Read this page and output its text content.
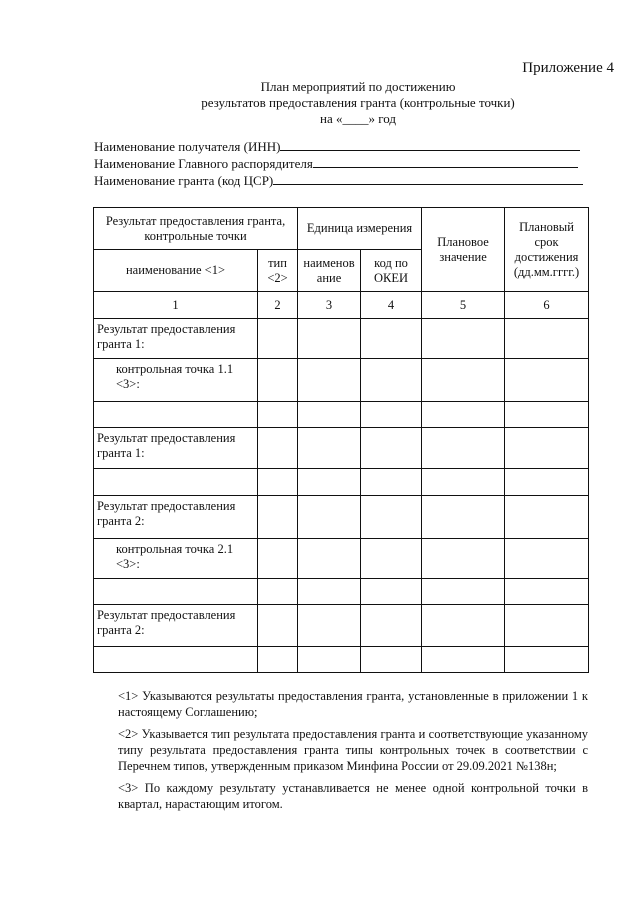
Приложение 4
План мероприятий по достижению
результатов предоставления гранта (контрольные точки)
на «____» год
Наименование получателя (ИНН)
Наименование Главного распорядителя
Наименование гранта (код ЦСР)
Результат предоставления гранта, контрольные точки		Единица измерения		Плановое значение	Плановый срок достижения (дд.мм.гггг.)
наименование <1>	тип <2>	наименов ание	код по ОКЕИ		
1	2	3	4	5	6
Результат предоставления гранта 1:					
контрольная точка 1.1 <3>:					

Результат предоставления гранта 1:					

Результат предоставления гранта 2:					
контрольная точка 2.1 <3>:					

Результат предоставления гранта 2:					

<1> Указываются результаты предоставления гранта, установленные в приложении 1 к настоящему Соглашению;

<2> Указывается тип результата предоставления гранта и соответствующие указанному типу результата предоставления гранта типы контрольных точек в соответствии с Перечнем типов, утвержденным приказом Минфина России от 29.09.2021 №138н;

<3> По каждому результату устанавливается не менее одной контрольной точки в квартал, нарастающим итогом.
